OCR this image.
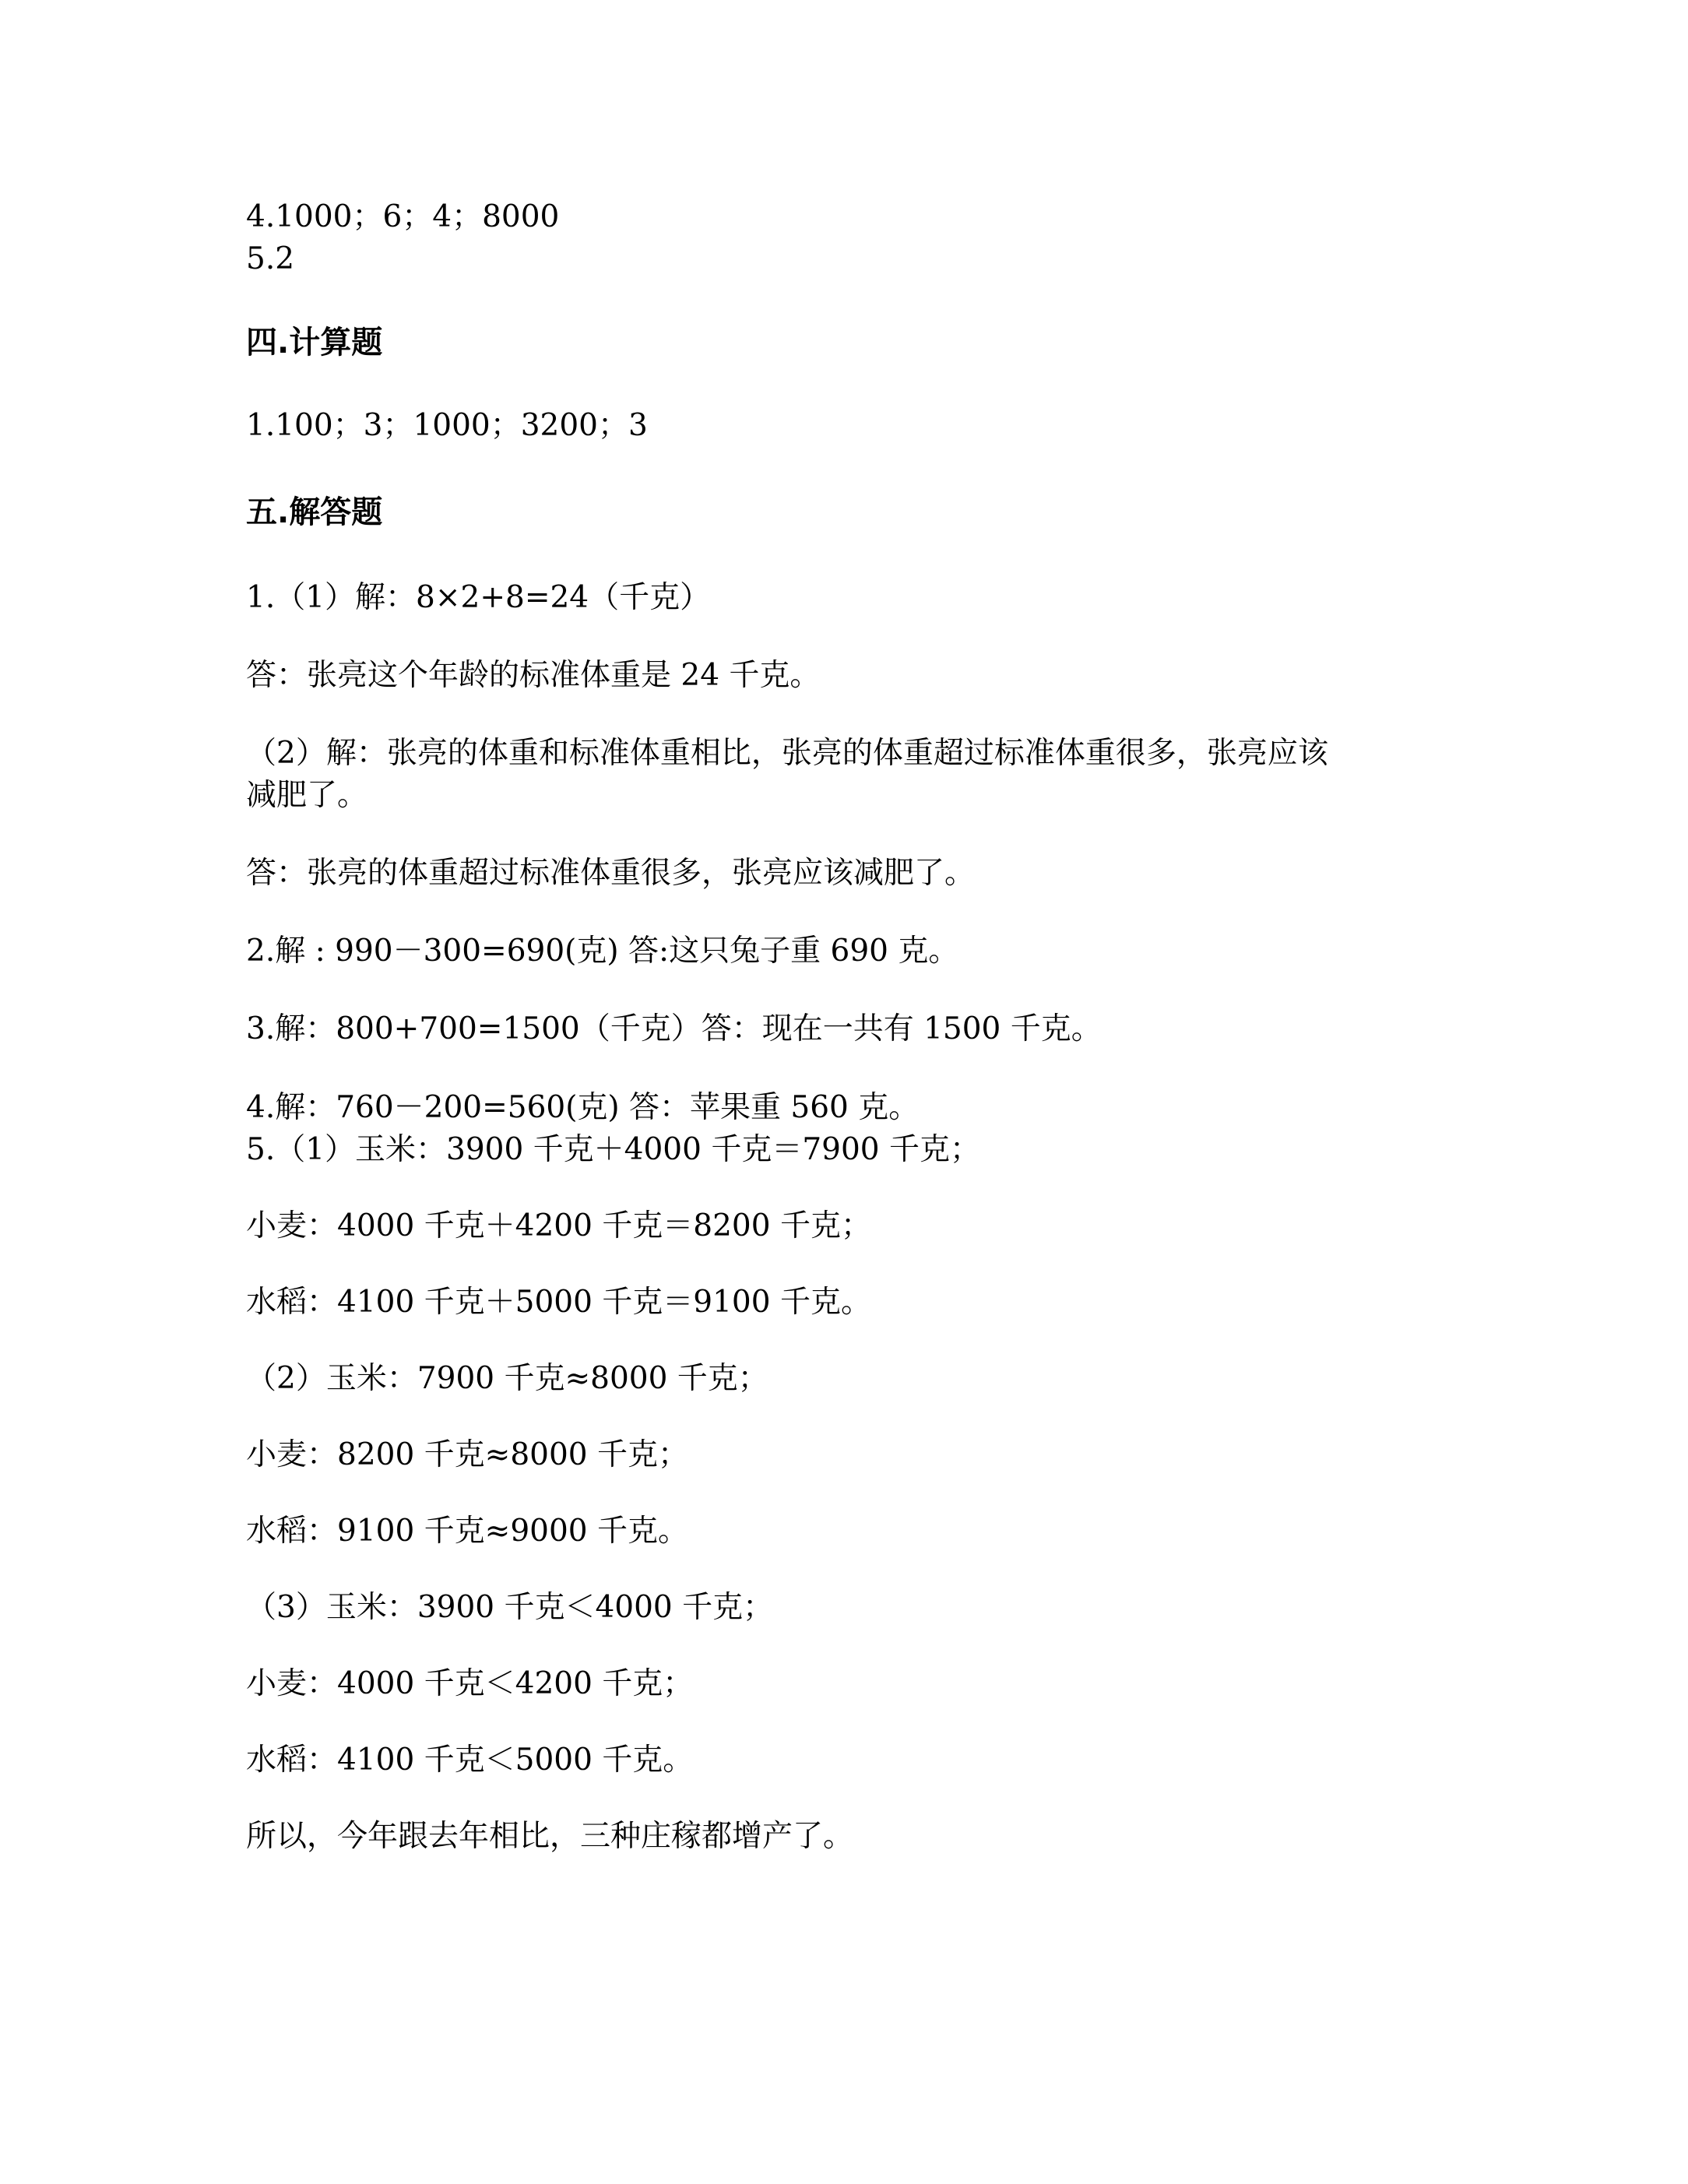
4.1000；6；4；8000
5.2
四.计算题
1.100；3；1000；3200；3
五.解答题
1.（1）解：8×2+8=24（千克）
答：张亮这个年龄的标准体重是 24 千克。
（2）解：张亮的体重和标准体重相比，张亮的体重超过标准体重很多，张亮应该
减肥了。
答：张亮的体重超过标准体重很多，张亮应该减肥了。
2.解 : 990－300=690(克) 答:这只兔子重 690 克。
3.解：800+700=1500（千克）答：现在一共有 1500 千克。
4.解：760－200=560(克) 答：苹果重 560 克。
5.（1）玉米：3900 千克＋4000 千克＝7900 千克；
小麦：4000 千克＋4200 千克＝8200 千克；
水稻：4100 千克＋5000 千克＝9100 千克。
（2）玉米：7900 千克≈8000 千克；
小麦：8200 千克≈8000 千克；
水稻：9100 千克≈9000 千克。
（3）玉米：3900 千克＜4000 千克；
小麦：4000 千克＜4200 千克；
水稻：4100 千克＜5000 千克。
所以，今年跟去年相比，三种庄稼都增产了。
